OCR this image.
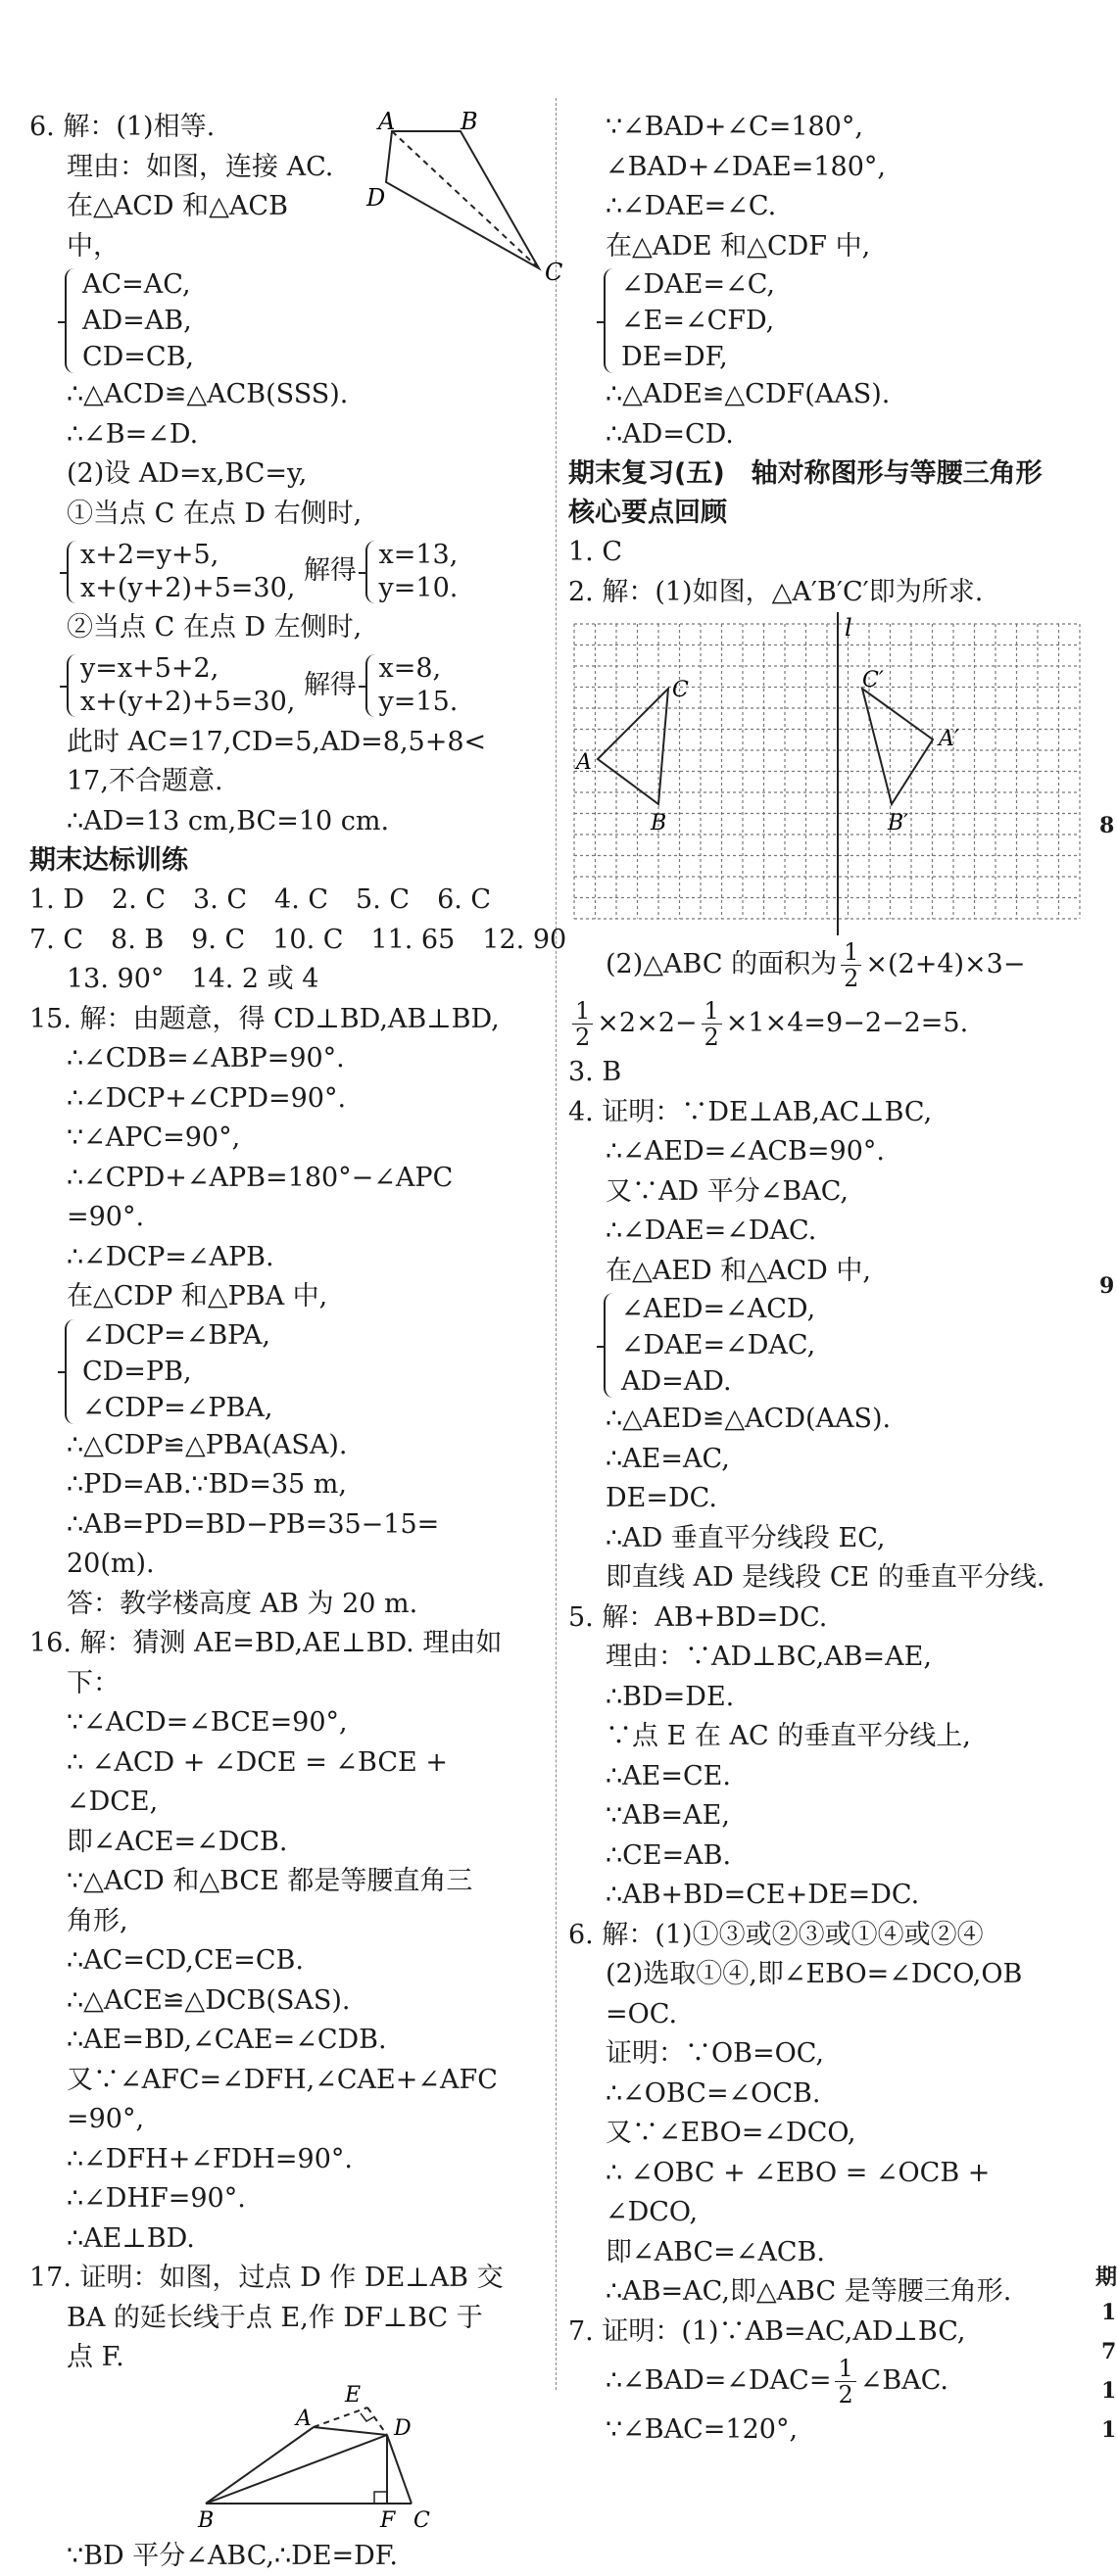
6. 解：(1)相等.
理由：如图，连接 AC.
在△ACD 和△ACB
中，
AC=AC,
AD=AB,
CD=CB,
∴△ACD≌△ACB(SSS).
∴∠B=∠D.
(2)设 AD=x,BC=y,
①当点 C 在点 D 右侧时,
x+2=y+5,
x+(y+2)+5=30,
解得
x=13,
y=10.
②当点 C 在点 D 左侧时,
y=x+5+2,
x+(y+2)+5=30,
解得
x=8,
y=15.
此时 AC=17,CD=5,AD=8,5+8<
17,不合题意.
∴AD=13 cm,BC=10 cm.
A	B
D
C
期末达标训练
1. D 2. C 3. C 4. C 5. C 6. C
7. C 8. B 9. C 10. C 11. 65 12. 90
13. 90° 14. 2 或 4
15. 解：由题意，得 CD⊥BD,AB⊥BD,
∴∠CDB=∠ABP=90°.
∴∠DCP+∠CPD=90°.
∵∠APC=90°,
∴∠CPD+∠APB=180°−∠APC
=90°.
∴∠DCP=∠APB.
在△CDP 和△PBA 中,
∠DCP=∠BPA,
CD=PB,
∠CDP=∠PBA,
∴△CDP≌△PBA(ASA).
∴PD=AB.∵BD=35 m,
∴AB=PD=BD−PB=35−15=
20(m).
答：教学楼高度 AB 为 20 m.
16. 解：猜测 AE=BD,AE⊥BD. 理由如
下：
∵∠ACD=∠BCE=90°,
∴ ∠ACD + ∠DCE = ∠BCE +
∠DCE,
即∠ACE=∠DCB.
∵△ACD 和△BCE 都是等腰直角三
角形,
∴AC=CD,CE=CB.
∴△ACE≌△DCB(SAS).
∴AE=BD,∠CAE=∠CDB.
又∵∠AFC=∠DFH,∠CAE+∠AFC
=90°,
∴∠DFH+∠FDH=90°.
∴∠DHF=90°.
∴AE⊥BD.
17. 证明：如图，过点 D 作 DE⊥AB 交
BA 的延长线于点 E,作 DF⊥BC 于
点 F.
E
A	D
B	F C
∵BD 平分∠ABC,∴DE=DF.
∵∠BAD+∠C=180°,
∠BAD+∠DAE=180°,
∴∠DAE=∠C.
在△ADE 和△CDF 中,
∠DAE=∠C,
∠E=∠CFD,
DE=DF,
∴△ADE≌△CDF(AAS).
∴AD=CD.
期末复习(五)　轴对称图形与等腰三角形
核心要点回顾
1. C
2. 解：(1)如图，△A′B′C′即为所求.
l
A
B
C
A′
B′
C′
(2)△ABC 的面积为 $\frac{1}{2} \times(2+4)\times 3-$
$\frac{1}{2} \times 2\times 2- \frac{1}{2} \times 1\times 4=9-2-2=5$.
3. B
4. 证明：∵DE⊥AB,AC⊥BC,
∴∠AED=∠ACB=90°.
又∵AD 平分∠BAC,
∴∠DAE=∠DAC.
在△AED 和△ACD 中,
∠AED=∠ACD,
∠DAE=∠DAC,
AD=AD.
∴△AED≌△ACD(AAS).
∴AE=AC,
DE=DC.
∴AD 垂直平分线段 EC,
即直线 AD 是线段 CE 的垂直平分线.
5. 解：AB+BD=DC.
理由：∵AD⊥BC,AB=AE,
∴BD=DE.
∵点 E 在 AC 的垂直平分线上,
∴AE=CE.
∵AB=AE,
∴CE=AB.
∴AB+BD=CE+DE=DC.
6. 解：(1)①③或②③或①④或②④
(2)选取①④,即∠EBO=∠DCO,OB
=OC.
证明：∵OB=OC,
∴∠OBC=∠OCB.
又∵∠EBO=∠DCO,
∴ ∠OBC + ∠EBO = ∠OCB +
∠DCO,
即∠ABC=∠ACB.
∴AB=AC,即△ABC 是等腰三角形.
7. 证明：(1)∵AB=AC,AD⊥BC,
∴∠BAD=∠DAC= $\frac{1}{2}$ ∠BAC.
∵∠BAC=120°,
8
9
期
1
7
1
1
